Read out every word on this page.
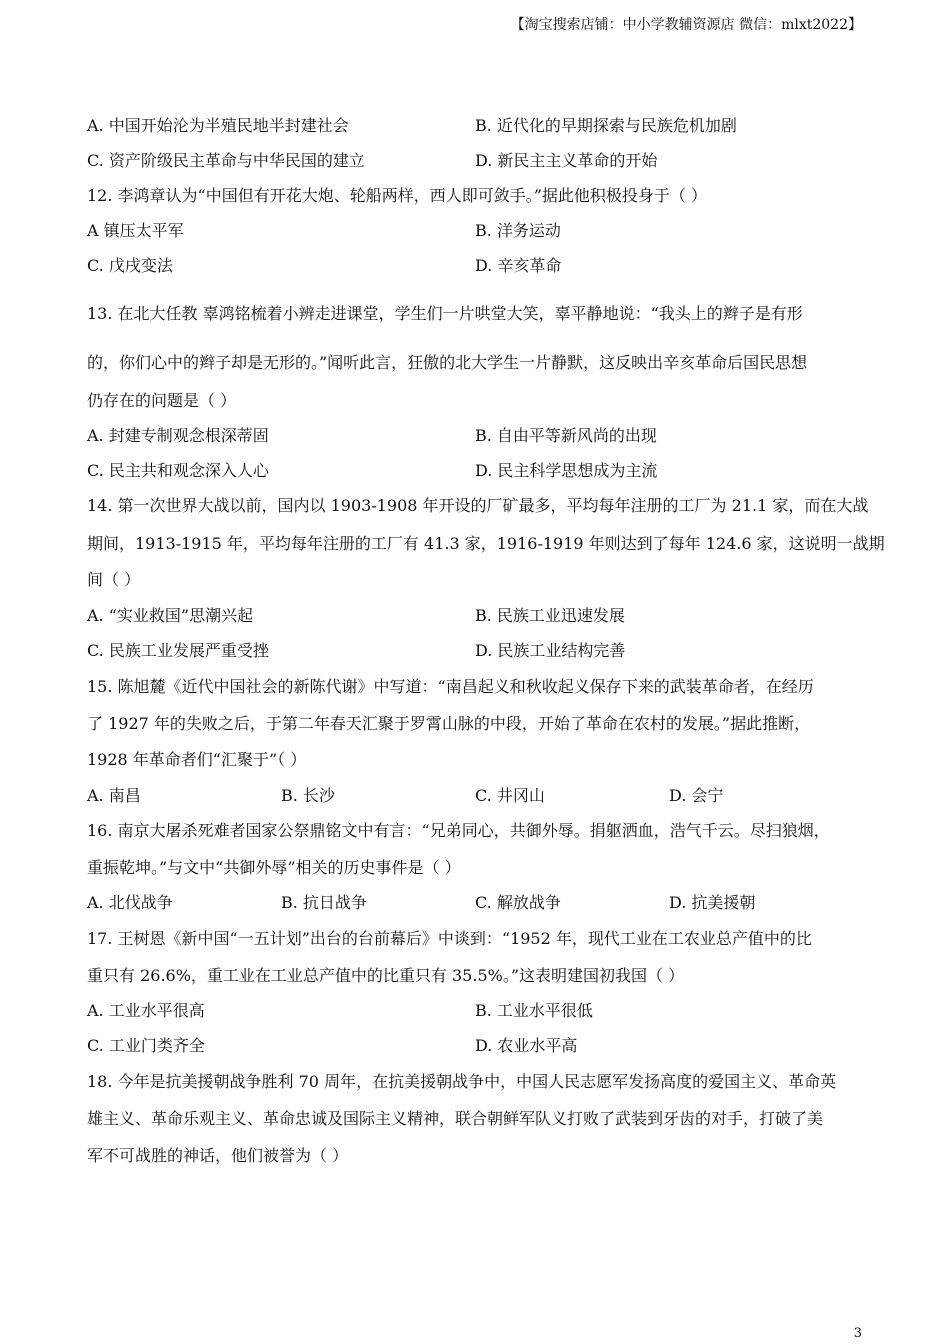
【淘宝搜索店铺：中小学教辅资源店 微信：mlxt2022】
A. 中国开始沦为半殖民地半封建社会	B. 近代化的早期探索与民族危机加剧
C. 资产阶级民主革命与中华民国的建立	D. 新民主主义革命的开始
12. 李鸿章认为“中国但有开花大炮、轮船两样，西人即可敛手。”据此他积极投身于（ ）
A 镇压太平军	B. 洋务运动
C. 戊戌变法	D. 辛亥革命
13. 在北大任教 辜鸿铭梳着小辨走进课堂，学生们一片哄堂大笑，辜平静地说：“我头上的辫子是有形
的，你们心中的辫子却是无形的。”闻听此言，狂傲的北大学生一片静默，这反映出辛亥革命后国民思想
仍存在的问题是（ ）
A. 封建专制观念根深蒂固	B. 自由平等新风尚的出现
C. 民主共和观念深入人心	D. 民主科学思想成为主流
14. 第一次世界大战以前，国内以 1903-1908 年开设的厂矿最多，平均每年注册的工厂为 21.1 家，而在大战
期间，1913-1915 年，平均每年注册的工厂有 41.3 家，1916-1919 年则达到了每年 124.6 家，这说明一战期
间（ ）
A. “实业救国”思潮兴起	B. 民族工业迅速发展
C. 民族工业发展严重受挫	D. 民族工业结构完善
15. 陈旭麓《近代中国社会的新陈代谢》中写道：“南昌起义和秋收起义保存下来的武装革命者，在经历
了 1927 年的失败之后，于第二年春天汇聚于罗霄山脉的中段，开始了革命在农村的发展。”据此推断，
1928 年革命者们“汇聚于”（ ）
A. 南昌	B. 长沙	C. 井冈山	D. 会宁
16. 南京大屠杀死难者国家公祭鼎铭文中有言：“兄弟同心，共御外辱。捐躯洒血，浩气千云。尽扫狼烟，
重振乾坤。”与文中“共御外辱”相关的历史事件是（ ）
A. 北伐战争	B. 抗日战争	C. 解放战争	D. 抗美援朝
17. 王树恩《新中国“一五计划”出台的台前幕后》中谈到：“1952 年，现代工业在工农业总产值中的比
重只有 26.6%，重工业在工业总产值中的比重只有 35.5%。”这表明建国初我国（ ）
A. 工业水平很高	B. 工业水平很低
C. 工业门类齐全	D. 农业水平高
18. 今年是抗美援朝战争胜利 70 周年，在抗美援朝战争中，中国人民志愿军发扬高度的爱国主义、革命英
雄主义、革命乐观主义、革命忠诚及国际主义精神，联合朝鲜军队义打败了武装到牙齿的对手，打破了美
军不可战胜的神话，他们被誉为（ ）
3
